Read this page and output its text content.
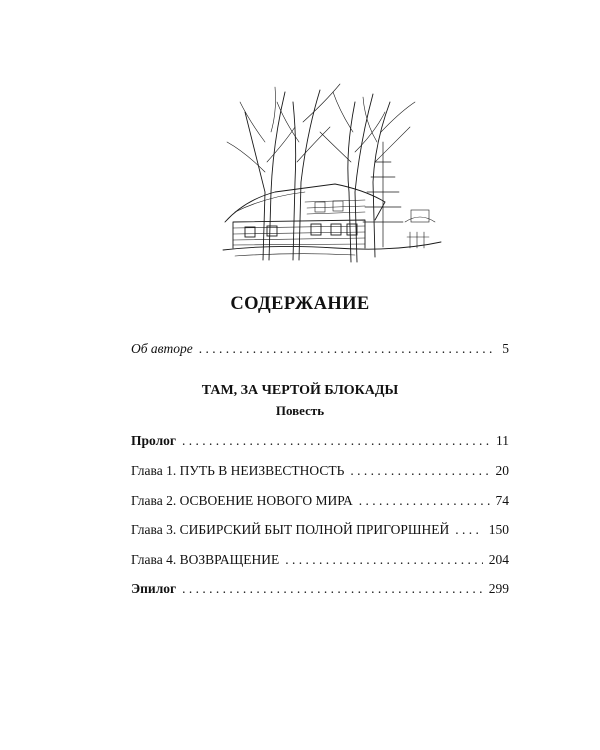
СОДЕРЖАНИЕ
Об авторе . . .	5
ТАМ, ЗА ЧЕРТОЙ БЛОКАДЫ
Повесть
Пролог . . .	11
Глава 1. ПУТЬ В НЕИЗВЕСТНОСТЬ . . .	20
Глава 2. ОСВОЕНИЕ НОВОГО МИРА . . .	74
Глава 3. СИБИРСКИЙ БЫТ ПОЛНОЙ ПРИГОРШНЕЙ . . .	150
Глава 4. ВОЗВРАЩЕНИЕ . . .	204
Эпилог . . .	299
